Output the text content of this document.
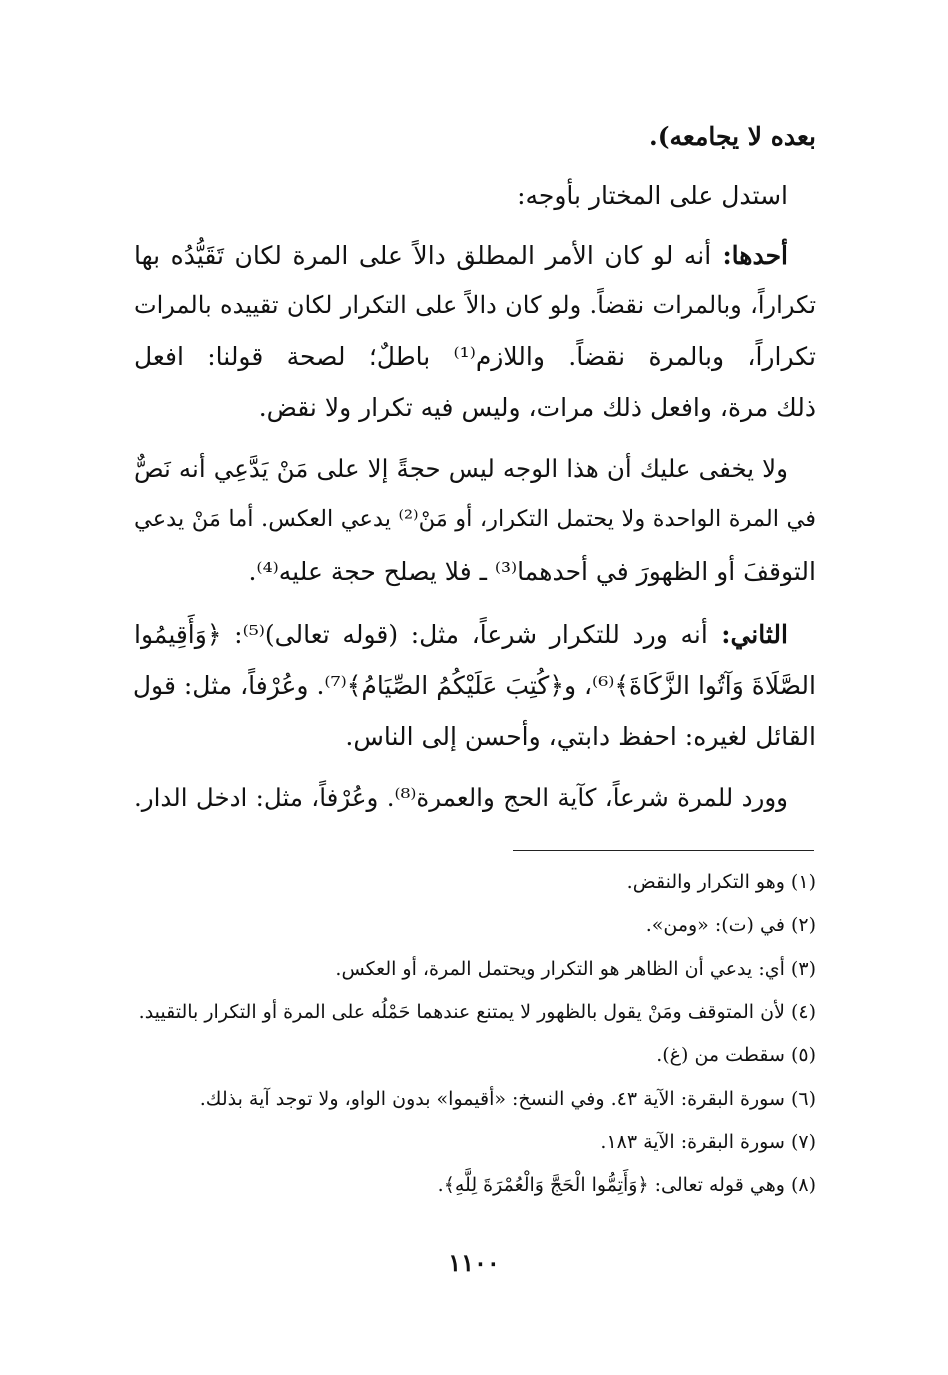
بعده لا يجامعه).
استدل على المختار بأوجه:
أحدها: أنه لو كان الأمر المطلق دالاً على المرة لكان تَقَيُّدُه بها
تكراراً، وبالمرات نقضاً. ولو كان دالاً على التكرار لكان تقييده بالمرات
تكراراً، وبالمرة نقضاً. واللازم⁽¹⁾ باطلٌ؛ لصحة قولنا: افعل
ذلك مرة، وافعل ذلك مرات، وليس فيه تكرار ولا نقض.
ولا يخفى عليك أن هذا الوجه ليس حجةً إلا على مَنْ يَدَّعِي أنه نَصٌّ
في المرة الواحدة ولا يحتمل التكرار، أو مَنْ⁽²⁾ يدعي العكس. أما مَنْ يدعي
التوقفَ أو الظهورَ في أحدهما⁽³⁾ ـ فلا يصلح حجة عليه⁽⁴⁾.
الثاني: أنه ورد للتكرار شرعاً، مثل: (قوله تعالى)⁽⁵⁾: ﴿وَأَقِيمُوا
الصَّلَاةَ وَآتُوا الزَّكَاةَ﴾⁽⁶⁾، و﴿كُتِبَ عَلَيْكُمُ الصِّيَامُ﴾⁽⁷⁾. وعُرْفاً، مثل: قول
القائل لغيره: احفظ دابتي، وأحسن إلى الناس.
وورد للمرة شرعاً، كآية الحج والعمرة⁽⁸⁾. وعُرْفاً، مثل: ادخل الدار.
(١) وهو التكرار والنقض.
(٢) في (ت): «ومن».
(٣) أي: يدعي أن الظاهر هو التكرار ويحتمل المرة، أو العكس.
(٤) لأن المتوقف ومَنْ يقول بالظهور لا يمتنع عندهما حَمْلُه على المرة أو التكرار بالتقييد.
(٥) سقطت من (غ).
(٦) سورة البقرة: الآية ٤٣. وفي النسخ: «أقيموا» بدون الواو، ولا توجد آية بذلك.
(٧) سورة البقرة: الآية ١٨٣.
(٨) وهي قوله تعالى: ﴿وَأَتِمُّوا الْحَجَّ وَالْعُمْرَةَ لِلَّهِ﴾.
١١٠٠
